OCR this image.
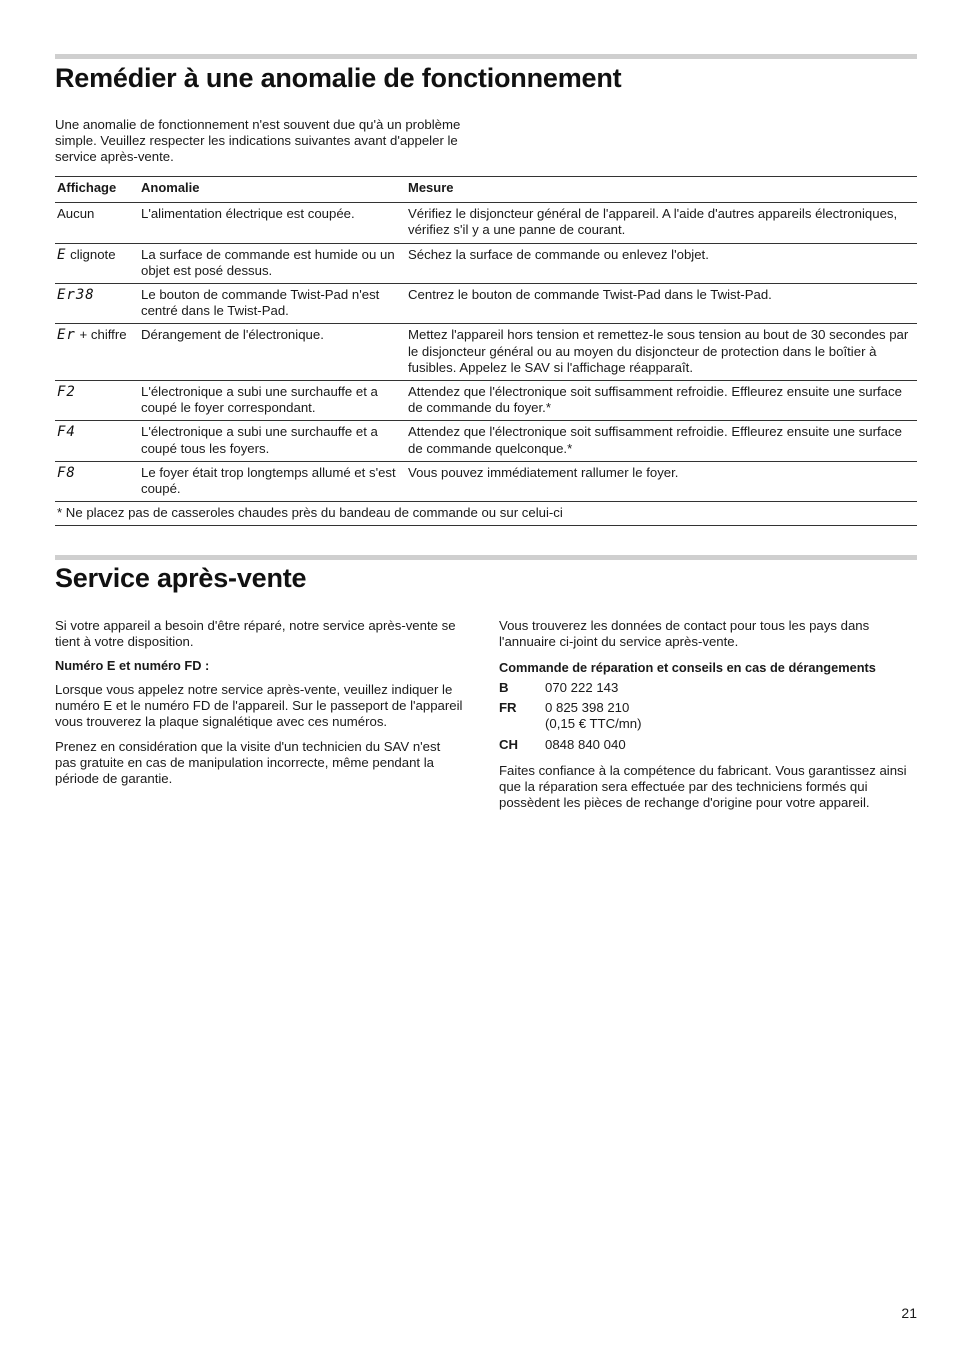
Remédier à une anomalie de fonctionnement

Une anomalie de fonctionnement n'est souvent due qu'à un problème simple. Veuillez respecter les indications suivantes avant d'appeler le service après-vente.

Affichage	Anomalie	Mesure
Aucun	L'alimentation électrique est coupée.	Vérifiez le disjoncteur général de l'appareil. A l'aide d'autres appareils électroniques, vérifiez s'il y a une panne de courant.
E clignote	La surface de commande est humide ou un objet est posé dessus.	Séchez la surface de commande ou enlevez l'objet.
Er38	Le bouton de commande Twist-Pad n'est centré dans le Twist-Pad.	Centrez le bouton de commande Twist-Pad dans le Twist-Pad.
Er + chiffre	Dérangement de l'électronique.	Mettez l'appareil hors tension et remettez-le sous tension au bout de 30 secondes par le disjoncteur général ou au moyen du disjoncteur de protection dans le boîtier à fusibles. Appelez le SAV si l'affichage réapparaît.
F2	L'électronique a subi une surchauffe et a coupé le foyer correspondant.	Attendez que l'électronique soit suffisamment refroidie. Effleurez ensuite une surface de commande du foyer.*
F4	L'électronique a subi une surchauffe et a coupé tous les foyers.	Attendez que l'électronique soit suffisamment refroidie. Effleurez ensuite une surface de commande quelconque.*
F8	Le foyer était trop longtemps allumé et s'est coupé.	Vous pouvez immédiatement rallumer le foyer.
* Ne placez pas de casseroles chaudes près du bandeau de commande ou sur celui-ci		
Service après-vente

Si votre appareil a besoin d'être réparé, notre service après-vente se tient à votre disposition.

Numéro E et numéro FD :

Lorsque vous appelez notre service après-vente, veuillez indiquer le numéro E et le numéro FD de l'appareil. Sur le passeport de l'appareil vous trouverez la plaque signalétique avec ces numéros.

Prenez en considération que la visite d'un technicien du SAV n'est pas gratuite en cas de manipulation incorrecte, même pendant la période de garantie.

Vous trouverez les données de contact pour tous les pays dans l'annuaire ci-joint du service après-vente.

Commande de réparation et conseils en cas de dérangements

B	070 222 143
FR	0 825 398 210
(0,15 € TTC/mn)
CH	0848 840 040

Faites confiance à la compétence du fabricant. Vous garantissez ainsi que la réparation sera effectuée par des techniciens formés qui possèdent les pièces de rechange d'origine pour votre appareil.

21
